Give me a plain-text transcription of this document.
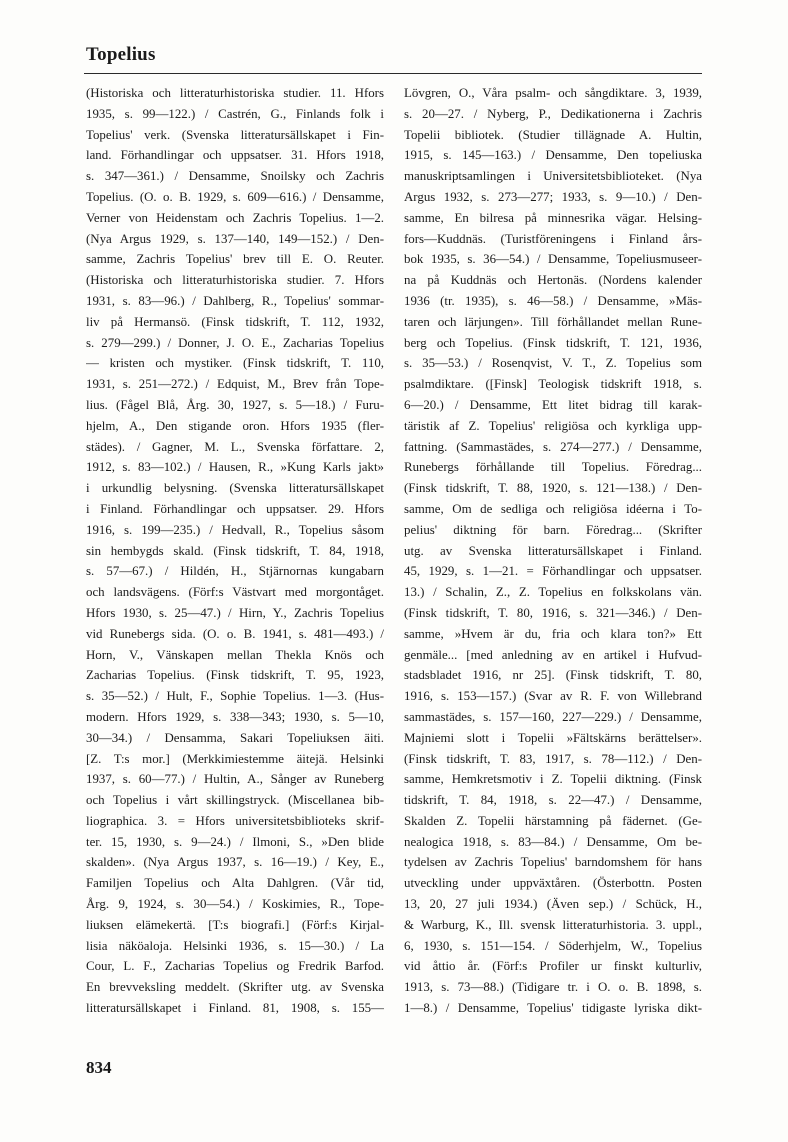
Topelius
(Historiska och litteraturhistoriska studier. 11. Hfors
1935, s. 99—122.) / Castrén, G., Finlands folk i
Topelius' verk. (Svenska litteratursällskapet i Fin-
land. Förhandlingar och uppsatser. 31. Hfors 1918,
s. 347—361.) / Densamme, Snoilsky och Zachris
Topelius. (O. o. B. 1929, s. 609—616.) / Densamme,
Verner von Heidenstam och Zachris Topelius. 1—2.
(Nya Argus 1929, s. 137—140, 149—152.) / Den-
samme, Zachris Topelius' brev till E. O. Reuter.
(Historiska och litteraturhistoriska studier. 7. Hfors
1931, s. 83—96.) / Dahlberg, R., Topelius' sommar-
liv på Hermansö. (Finsk tidskrift, T. 112, 1932,
s. 279—299.) / Donner, J. O. E., Zacharias Topelius
— kristen och mystiker. (Finsk tidskrift, T. 110,
1931, s. 251—272.) / Edquist, M., Brev från Tope-
lius. (Fågel Blå, Årg. 30, 1927, s. 5—18.) / Furu-
hjelm, A., Den stigande oron. Hfors 1935 (fler-
städes). / Gagner, M. L., Svenska författare. 2,
1912, s. 83—102.) / Hausen, R., »Kung Karls jakt»
i urkundlig belysning. (Svenska litteratursällskapet
i Finland. Förhandlingar och uppsatser. 29. Hfors
1916, s. 199—235.) / Hedvall, R., Topelius såsom
sin hembygds skald. (Finsk tidskrift, T. 84, 1918,
s. 57—67.) / Hildén, H., Stjärnornas kungabarn
och landsvägens. (Förf:s Västvart med morgontåget.
Hfors 1930, s. 25—47.) / Hirn, Y., Zachris Topelius
vid Runebergs sida. (O. o. B. 1941, s. 481—493.) /
Horn, V., Vänskapen mellan Thekla Knös och
Zacharias Topelius. (Finsk tidskrift, T. 95, 1923,
s. 35—52.) / Hult, F., Sophie Topelius. 1—3. (Hus-
modern. Hfors 1929, s. 338—343; 1930, s. 5—10,
30—34.) / Densamma, Sakari Topeliuksen äiti.
[Z. T:s mor.] (Merkkimiestemme äitejä. Helsinki
1937, s. 60—77.) / Hultin, A., Sånger av Runeberg
och Topelius i vårt skillingstryck. (Miscellanea bib-
liographica. 3. = Hfors universitetsbiblioteks skrif-
ter. 15, 1930, s. 9—24.) / Ilmoni, S., »Den blide
skalden». (Nya Argus 1937, s. 16—19.) / Key, E.,
Familjen Topelius och Alta Dahlgren. (Vår tid,
Årg. 9, 1924, s. 30—54.) / Koskimies, R., Tope-
liuksen elämekertä. [T:s biografi.] (Förf:s Kirjal-
lisia näköaloja. Helsinki 1936, s. 15—30.) / La
Cour, L. F., Zacharias Topelius og Fredrik Barfod.
En brevveksling meddelt. (Skrifter utg. av Svenska
litteratursällskapet i Finland. 81, 1908, s. 155—
Lövgren, O., Våra psalm- och sångdiktare. 3, 1939,
s. 20—27. / Nyberg, P., Dedikationerna i Zachris
Topelii bibliotek. (Studier tillägnade A. Hultin,
1915, s. 145—163.) / Densamme, Den topeliuska
manuskriptsamlingen i Universitetsbiblioteket. (Nya
Argus 1932, s. 273—277; 1933, s. 9—10.) / Den-
samme, En bilresa på minnesrika vägar. Helsing-
fors—Kuddnäs. (Turistföreningens i Finland års-
bok 1935, s. 36—54.) / Densamme, Topeliusmuseer-
na på Kuddnäs och Hertonäs. (Nordens kalender
1936 (tr. 1935), s. 46—58.) / Densamme, »Mäs-
taren och lärjungen». Till förhållandet mellan Rune-
berg och Topelius. (Finsk tidskrift, T. 121, 1936,
s. 35—53.) / Rosenqvist, V. T., Z. Topelius som
psalmdiktare. ([Finsk] Teologisk tidskrift 1918, s.
6—20.) / Densamme, Ett litet bidrag till karak-
täristik af Z. Topelius' religiösa och kyrkliga upp-
fattning. (Sammastädes, s. 274—277.) / Densamme,
Runebergs förhållande till Topelius. Föredrag...
(Finsk tidskrift, T. 88, 1920, s. 121—138.) / Den-
samme, Om de sedliga och religiösa idéerna i To-
pelius' diktning för barn. Föredrag... (Skrifter
utg. av Svenska litteratursällskapet i Finland.
45, 1929, s. 1—21. = Förhandlingar och uppsatser.
13.) / Schalin, Z., Z. Topelius en folkskolans vän.
(Finsk tidskrift, T. 80, 1916, s. 321—346.) / Den-
samme, »Hvem är du, fria och klara ton?» Ett
genmäle... [med anledning av en artikel i Hufvud-
stadsbladet 1916, nr 25]. (Finsk tidskrift, T. 80,
1916, s. 153—157.) (Svar av R. F. von Willebrand
sammastädes, s. 157—160, 227—229.) / Densamme,
Majniemi slott i Topelii »Fältskärns berättelser».
(Finsk tidskrift, T. 83, 1917, s. 78—112.) / Den-
samme, Hemkretsmotiv i Z. Topelii diktning. (Finsk
tidskrift, T. 84, 1918, s. 22—47.) / Densamme,
Skalden Z. Topelii härstamning på fädernet. (Ge-
nealogica 1918, s. 83—84.) / Densamme, Om be-
tydelsen av Zachris Topelius' barndomshem för hans
utveckling under uppväxtåren. (Österbottn. Posten
13, 20, 27 juli 1934.) (Även sep.) / Schück, H.,
& Warburg, K., Ill. svensk litteraturhistoria. 3. uppl.,
6, 1930, s. 151—154. / Söderhjelm, W., Topelius
vid åttio år. (Förf:s Profiler ur finskt kulturliv,
1913, s. 73—88.) (Tidigare tr. i O. o. B. 1898, s.
1—8.) / Densamme, Topelius' tidigaste lyriska dikt-
834
